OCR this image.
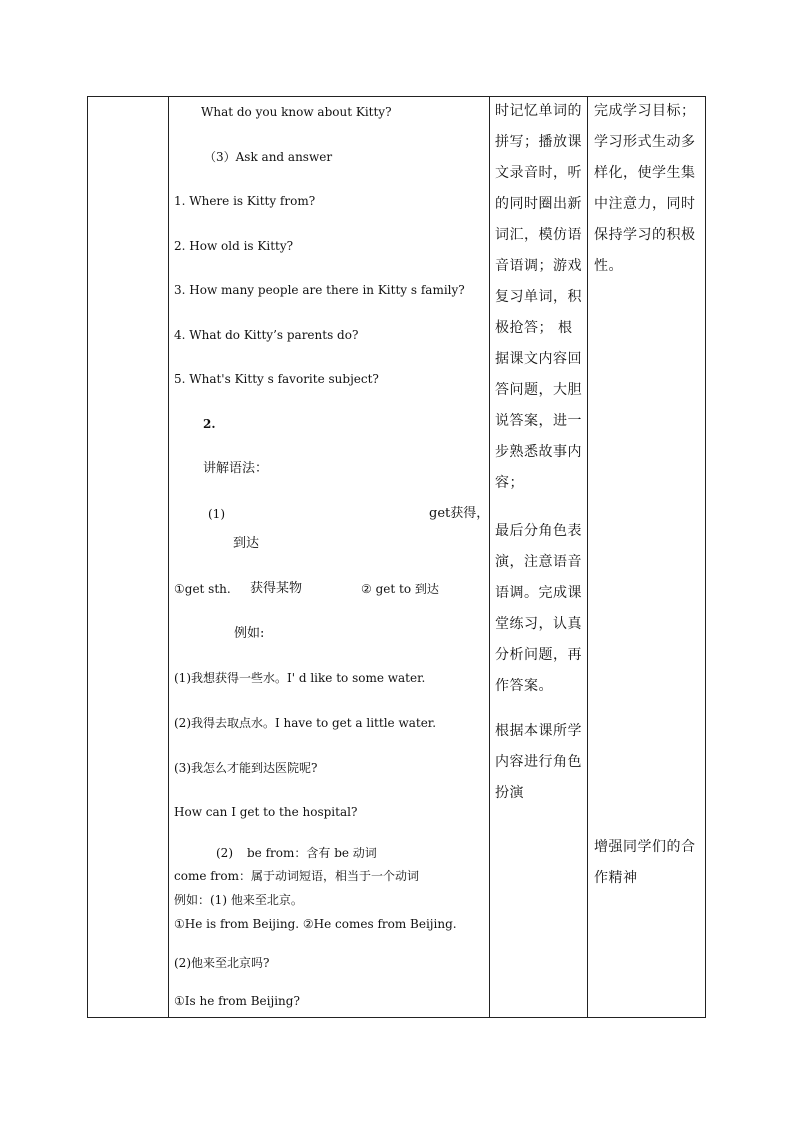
What do you know about Kitty?
（3）Ask and answer
1. Where is Kitty from?
2. How old is Kitty?
3. How many people are there in Kitty s family?
4. What do Kitty’s parents do?
5. What's Kitty s favorite subject?
2.
讲解语法：
(1)	get获得，
到达
①get sth. 获得某物	② get to 到达
例如:
(1)我想获得一些水。I' d like to some water.
(2)我得去取点水。I have to get a little water.
(3)我怎么才能到达医院呢?
How can I get to the hospital?
(2) be from：含有 be 动词
come from：属于动词短语，相当于一个动词
例如：(1) 他来至北京。
①He is from Beijing. ②He comes from Beijing.
(2)他来至北京吗?
①Is he from Beijing?
时记忆单词的拼写；播放课文录音时，听的同时圈出新词汇，模仿语音语调；游戏复习单词，积极抢答； 根据课文内容回答问题，大胆说答案，进一步熟悉故事内容；
最后分角色表演，注意语音语调。完成课堂练习，认真分析问题，再作答案。
根据本课所学内容进行角色扮演
完成学习目标；学习形式生动多样化，使学生集中注意力，同时保持学习的积极性。
增强同学们的合作精神
